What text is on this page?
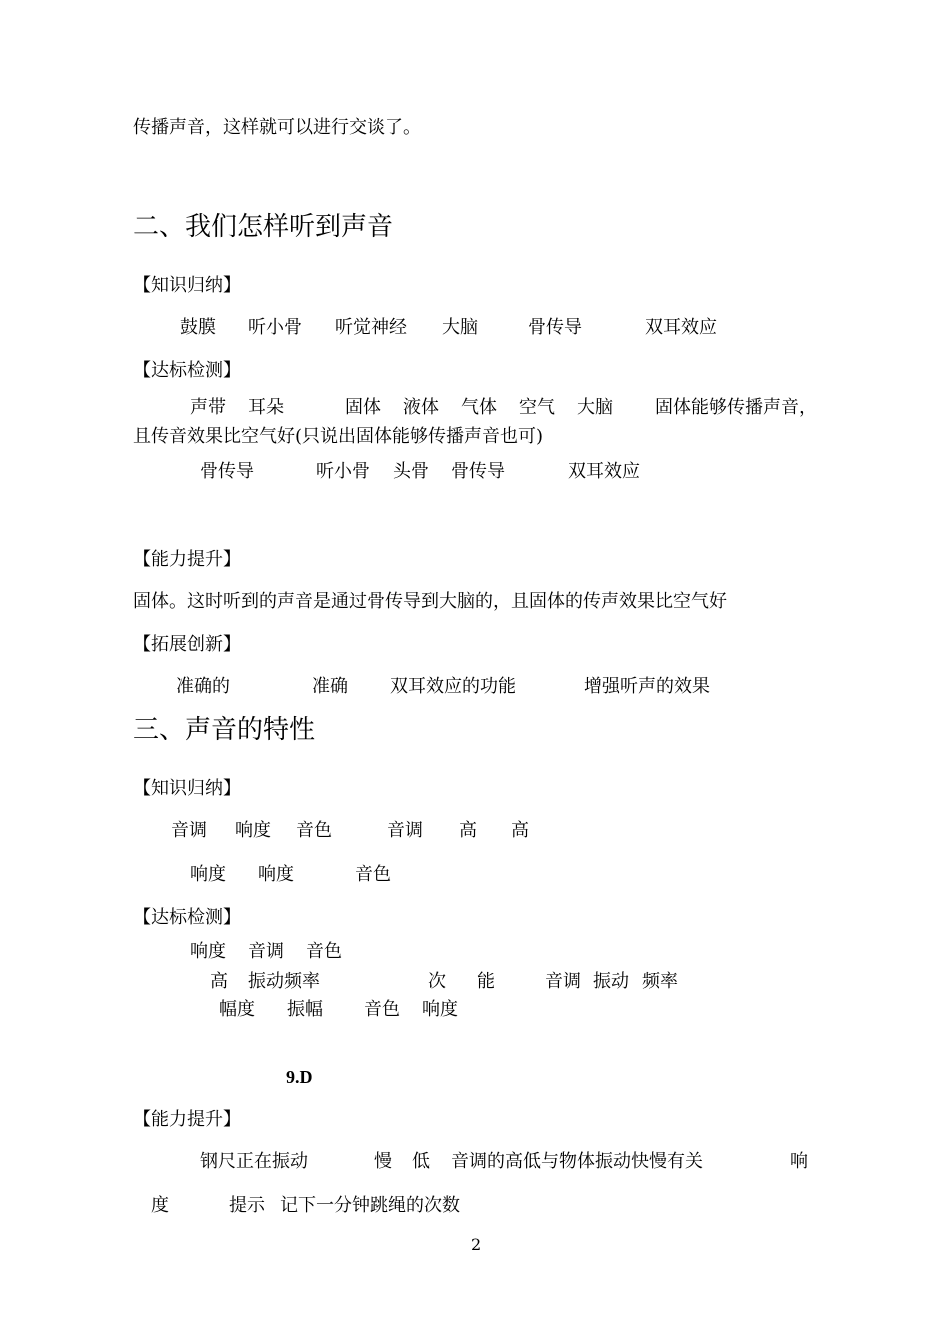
传播声音，这样就可以进行交谈了。
二、我们怎样听到声音
【知识归纳】
鼓膜 听小骨 听觉神经 大脑	骨传导	双耳效应
【达标检测】
声带 耳朵	固体 液体 气体 空气 大脑 固体能够传播声音，
且传音效果比空气好(只说出固体能够传播声音也可)
骨传导	听小骨 头骨 骨传导	双耳效应
【能力提升】
固体。这时听到的声音是通过骨传导到大脑的，且固体的传声效果比空气好
【拓展创新】
准确的	准确 双耳效应的功能	增强听声的效果
三、声音的特性
【知识归纳】
音调 响度 音色	音调 高 高
响度 响度	音色
【达标检测】
响度 音调 音色
高 振动频率	次 能	音调 振动 频率
幅度 振幅 音色 响度
9.D
【能力提升】
钢尺正在振动	慢 低 音调的高低与物体振动快慢有关	响
度	提示 记下一分钟跳绳的次数
2
